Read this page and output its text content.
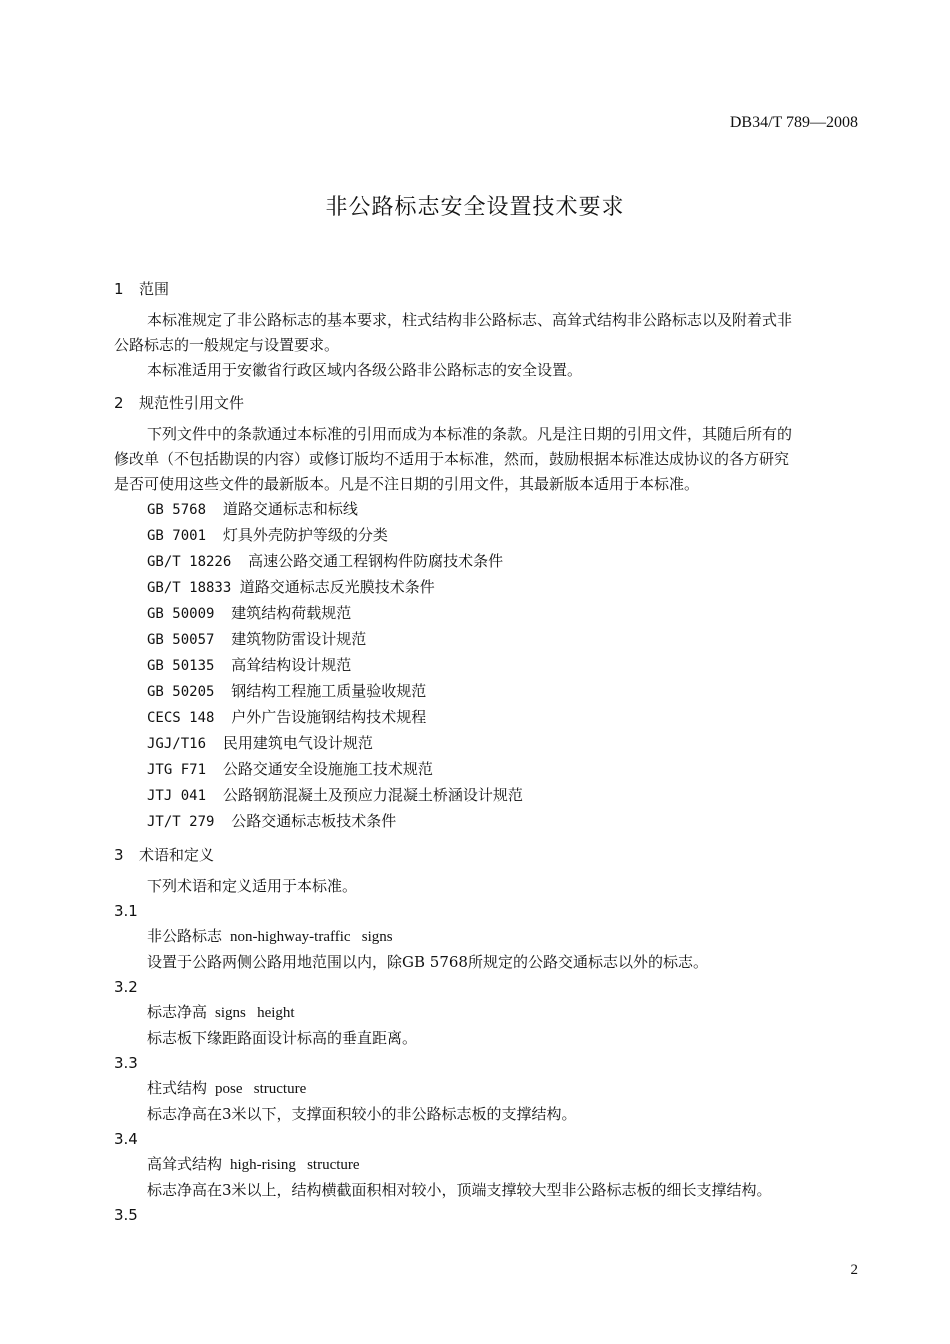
DB34/T 789—2008
非公路标志安全设置技术要求
1 范围
本标准规定了非公路标志的基本要求，柱式结构非公路标志、高耸式结构非公路标志以及附着式非
公路标志的一般规定与设置要求。
本标准适用于安徽省行政区域内各级公路非公路标志的安全设置。
2 规范性引用文件
下列文件中的条款通过本标准的引用而成为本标准的条款。凡是注日期的引用文件，其随后所有的
修改单（不包括勘误的内容）或修订版均不适用于本标准，然而，鼓励根据本标准达成协议的各方研究
是否可使用这些文件的最新版本。凡是不注日期的引用文件，其最新版本适用于本标准。
GB 5768  道路交通标志和标线
GB 7001  灯具外壳防护等级的分类
GB/T 18226  高速公路交通工程钢构件防腐技术条件
GB/T 18833 道路交通标志反光膜技术条件
GB 50009  建筑结构荷载规范
GB 50057  建筑物防雷设计规范
GB 50135  高耸结构设计规范
GB 50205  钢结构工程施工质量验收规范
CECS 148  户外广告设施钢结构技术规程
JGJ/T16  民用建筑电气设计规范
JTG F71  公路交通安全设施施工技术规范
JTJ 041  公路钢筋混凝土及预应力混凝土桥涵设计规范
JT/T 279  公路交通标志板技术条件
3 术语和定义
下列术语和定义适用于本标准。
3.1
非公路标志 non-highway-traffic   signs
设置于公路两侧公路用地范围以内，除GB 5768所规定的公路交通标志以外的标志。
3.2
标志净高 signs   height
标志板下缘距路面设计标高的垂直距离。
3.3
柱式结构 pose   structure
标志净高在3米以下，支撑面积较小的非公路标志板的支撑结构。
3.4
高耸式结构 high-rising   structure
标志净高在3米以上，结构横截面积相对较小，顶端支撑较大型非公路标志板的细长支撑结构。
3.5
2
